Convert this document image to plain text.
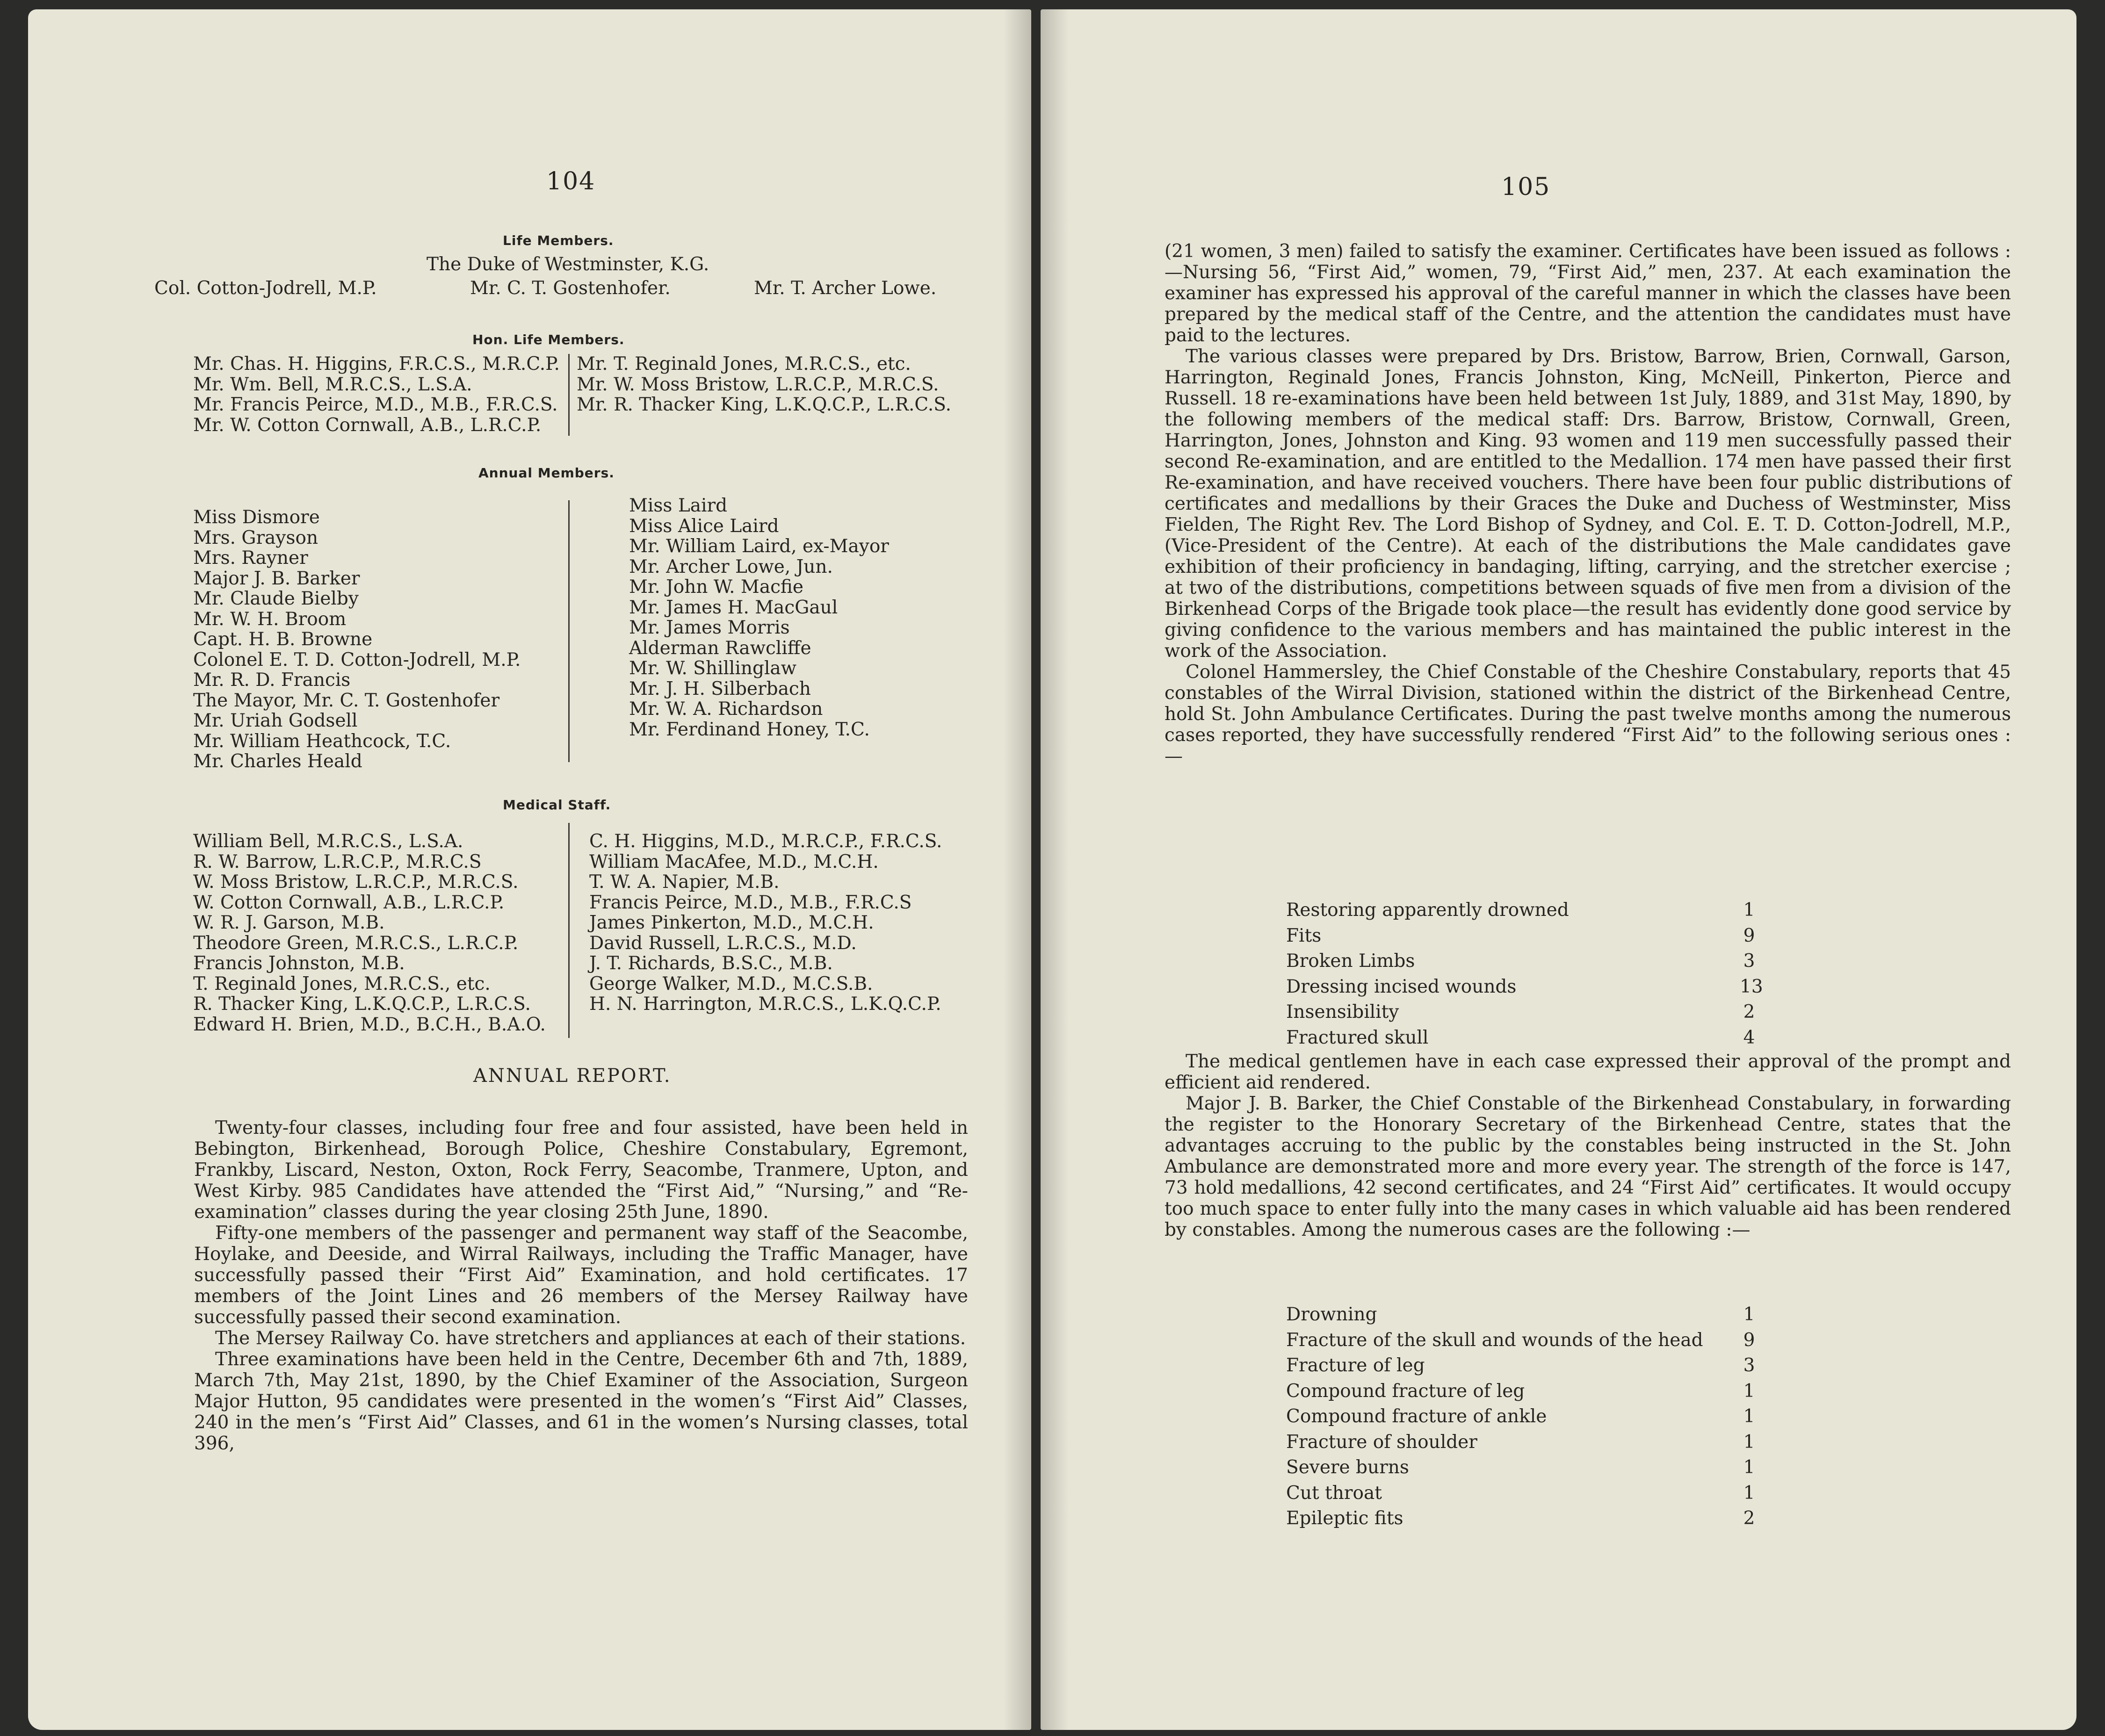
104
Life Members.
The Duke of Westminster, K.G.
Col. Cotton-Jodrell, M.P.	Mr. C. T. Gostenhofer.	Mr. T. Archer Lowe.
Hon. Life Members.
Mr. Chas. H. Higgins, F.R.C.S., M.R.C.P.
Mr. Wm. Bell, M.R.C.S., L.S.A.
Mr. Francis Peirce, M.D., M.B., F.R.C.S.
Mr. W. Cotton Cornwall, A.B., L.R.C.P.
Mr. T. Reginald Jones, M.R.C.S., etc.
Mr. W. Moss Bristow, L.R.C.P., M.R.C.S.
Mr. R. Thacker King, L.K.Q.C.P., L.R.C.S.
Annual Members.
Miss Dismore
Mrs. Grayson
Mrs. Rayner
Major J. B. Barker
Mr. Claude Bielby
Mr. W. H. Broom
Capt. H. B. Browne
Colonel E. T. D. Cotton-Jodrell, M.P.
Mr. R. D. Francis
The Mayor, Mr. C. T. Gostenhofer
Mr. Uriah Godsell
Mr. William Heathcock, T.C.
Mr. Charles Heald
Miss Laird
Miss Alice Laird
Mr. William Laird, ex-Mayor
Mr. Archer Lowe, Jun.
Mr. John W. Macfie
Mr. James H. MacGaul
Mr. James Morris
Alderman Rawcliffe
Mr. W. Shillinglaw
Mr. J. H. Silberbach
Mr. W. A. Richardson
Mr. Ferdinand Honey, T.C.
Medical Staff.
William Bell, M.R.C.S., L.S.A.
R. W. Barrow, L.R.C.P., M.R.C.S
W. Moss Bristow, L.R.C.P., M.R.C.S.
W. Cotton Cornwall, A.B., L.R.C.P.
W. R. J. Garson, M.B.
Theodore Green, M.R.C.S., L.R.C.P.
Francis Johnston, M.B.
T. Reginald Jones, M.R.C.S., etc.
R. Thacker King, L.K.Q.C.P., L.R.C.S.
Edward H. Brien, M.D., B.C.H., B.A.O.
C. H. Higgins, M.D., M.R.C.P., F.R.C.S.
William MacAfee, M.D., M.C.H.
T. W. A. Napier, M.B.
Francis Peirce, M.D., M.B., F.R.C.S
James Pinkerton, M.D., M.C.H.
David Russell, L.R.C.S., M.D.
J. T. Richards, B.S.C., M.B.
George Walker, M.D., M.C.S.B.
H. N. Harrington, M.R.C.S., L.K.Q.C.P.
ANNUAL REPORT.

Twenty-four classes, including four free and four assisted, have been held in Bebington, Birkenhead, Borough Police, Cheshire Constabulary, Egremont, Frankby, Liscard, Neston, Oxton, Rock Ferry, Seacombe, Tranmere, Upton, and West Kirby. 985 Candidates have attended the “First Aid,” “Nursing,” and “Re-examination” classes during the year closing 25th June, 1890.

Fifty-one members of the passenger and permanent way staff of the Seacombe, Hoylake, and Deeside, and Wirral Railways, including the Traffic Manager, have successfully passed their “First Aid” Examination, and hold certificates. 17 members of the Joint Lines and 26 members of the Mersey Railway have successfully passed their second examination.

The Mersey Railway Co. have stretchers and appliances at each of their stations.

Three examinations have been held in the Centre, December 6th and 7th, 1889, March 7th, May 21st, 1890, by the Chief Examiner of the Association, Surgeon Major Hutton, 95 candidates were presented in the women’s “First Aid” Classes, 240 in the men’s “First Aid” Classes, and 61 in the women’s Nursing classes, total 396,

105

(21 women, 3 men) failed to satisfy the examiner. Certificates have been issued as follows :—Nursing 56, “First Aid,” women, 79, “First Aid,” men, 237. At each examination the examiner has expressed his approval of the careful manner in which the classes have been prepared by the medical staff of the Centre, and the attention the candidates must have paid to the lectures.

The various classes were prepared by Drs. Bristow, Barrow, Brien, Cornwall, Garson, Harrington, Reginald Jones, Francis Johnston, King, McNeill, Pinkerton, Pierce and Russell. 18 re-examinations have been held between 1st July, 1889, and 31st May, 1890, by the following members of the medical staff: Drs. Barrow, Bristow, Cornwall, Green, Harrington, Jones, Johnston and King. 93 women and 119 men successfully passed their second Re-examination, and are entitled to the Medallion. 174 men have passed their first Re-examination, and have received vouchers. There have been four public distributions of certificates and medallions by their Graces the Duke and Duchess of Westminster, Miss Fielden, The Right Rev. The Lord Bishop of Sydney, and Col. E. T. D. Cotton-Jodrell, M.P., (Vice-President of the Centre). At each of the distributions the Male candidates gave exhibition of their proficiency in bandaging, lifting, carrying, and the stretcher exercise ; at two of the distributions, competitions between squads of five men from a division of the Birkenhead Corps of the Brigade took place—the result has evidently done good service by giving confidence to the various members and has maintained the public interest in the work of the Association.

Colonel Hammersley, the Chief Constable of the Cheshire Constabulary, reports that 45 constables of the Wirral Division, stationed within the district of the Birkenhead Centre, hold St. John Ambulance Certificates. During the past twelve months among the numerous cases reported, they have successfully rendered “First Aid” to the following serious ones :—

Restoring apparently drowned	1
Fits	9
Broken Limbs	3
Dressing incised wounds	13
Insensibility	2
Fractured skull	4

The medical gentlemen have in each case expressed their approval of the prompt and efficient aid rendered.

Major J. B. Barker, the Chief Constable of the Birkenhead Constabulary, in forwarding the register to the Honorary Secretary of the Birkenhead Centre, states that the advantages accruing to the public by the constables being instructed in the St. John Ambulance are demonstrated more and more every year. The strength of the force is 147, 73 hold medallions, 42 second certificates, and 24 “First Aid” certificates. It would occupy too much space to enter fully into the many cases in which valuable aid has been rendered by constables. Among the numerous cases are the following :—

Drowning	1
Fracture of the skull and wounds of the head 9
Fracture of leg	3
Compound fracture of leg	1
Compound fracture of ankle	1
Fracture of shoulder	1
Severe burns	1
Cut throat	1
Epileptic fits	2
